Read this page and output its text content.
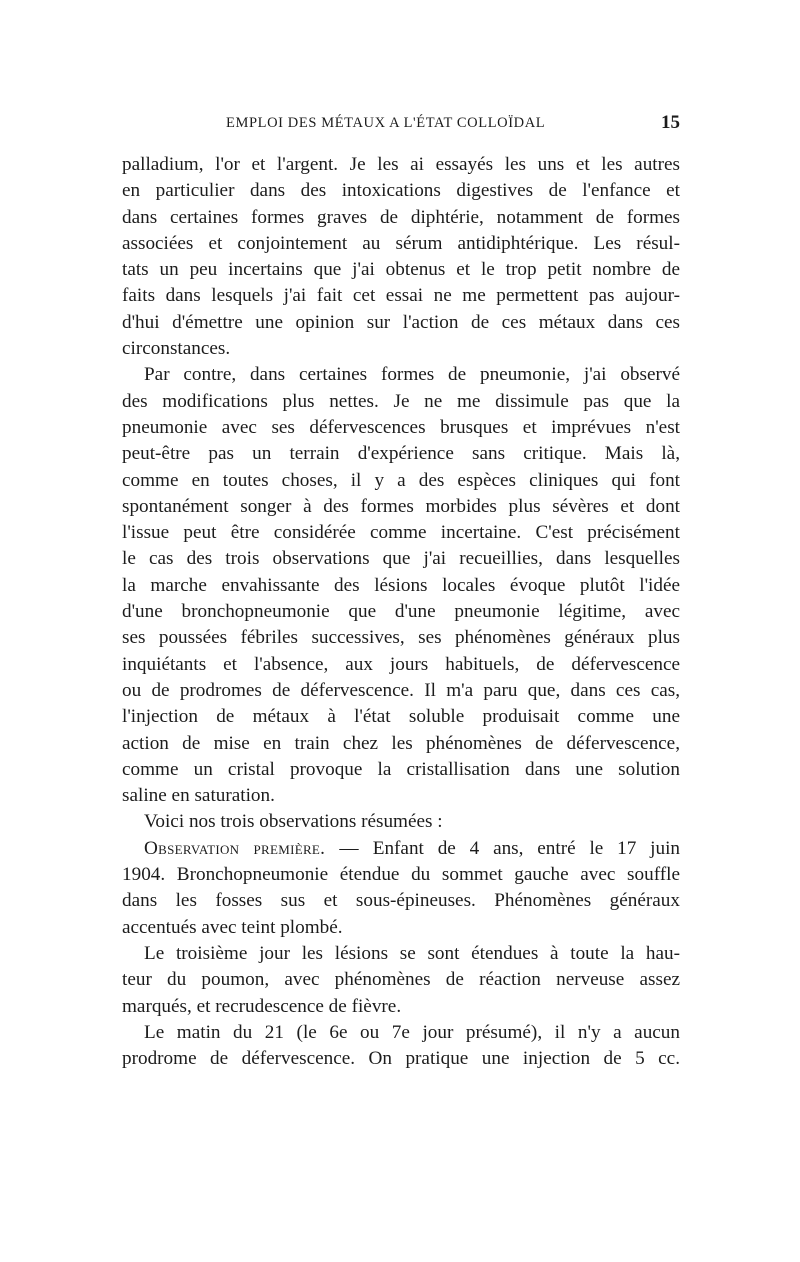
EMPLOI DES MÉTAUX A L'ÉTAT COLLOÏDAL	15
palladium, l'or et l'argent. Je les ai essayés les uns et les autres
en particulier dans des intoxications digestives de l'enfance et
dans certaines formes graves de diphtérie, notamment de formes
associées et conjointement au sérum antidiphtérique. Les résul-
tats un peu incertains que j'ai obtenus et le trop petit nombre de
faits dans lesquels j'ai fait cet essai ne me permettent pas aujour-
d'hui d'émettre une opinion sur l'action de ces métaux dans ces
circonstances.
Par contre, dans certaines formes de pneumonie, j'ai observé
des modifications plus nettes. Je ne me dissimule pas que la
pneumonie avec ses défervescences brusques et imprévues n'est
peut-être pas un terrain d'expérience sans critique. Mais là,
comme en toutes choses, il y a des espèces cliniques qui font
spontanément songer à des formes morbides plus sévères et dont
l'issue peut être considérée comme incertaine. C'est précisément
le cas des trois observations que j'ai recueillies, dans lesquelles
la marche envahissante des lésions locales évoque plutôt l'idée
d'une bronchopneumonie que d'une pneumonie légitime, avec
ses poussées fébriles successives, ses phénomènes généraux plus
inquiétants et l'absence, aux jours habituels, de défervescence
ou de prodromes de défervescence. Il m'a paru que, dans ces cas,
l'injection de métaux à l'état soluble produisait comme une
action de mise en train chez les phénomènes de défervescence,
comme un cristal provoque la cristallisation dans une solution
saline en saturation.
Voici nos trois observations résumées :
Observation première. — Enfant de 4 ans, entré le 17 juin
1904. Bronchopneumonie étendue du sommet gauche avec souffle
dans les fosses sus et sous-épineuses. Phénomènes généraux
accentués avec teint plombé.
Le troisième jour les lésions se sont étendues à toute la hau-
teur du poumon, avec phénomènes de réaction nerveuse assez
marqués, et recrudescence de fièvre.
Le matin du 21 (le 6e ou 7e jour présumé), il n'y a aucun
prodrome de défervescence. On pratique une injection de 5 cc.
